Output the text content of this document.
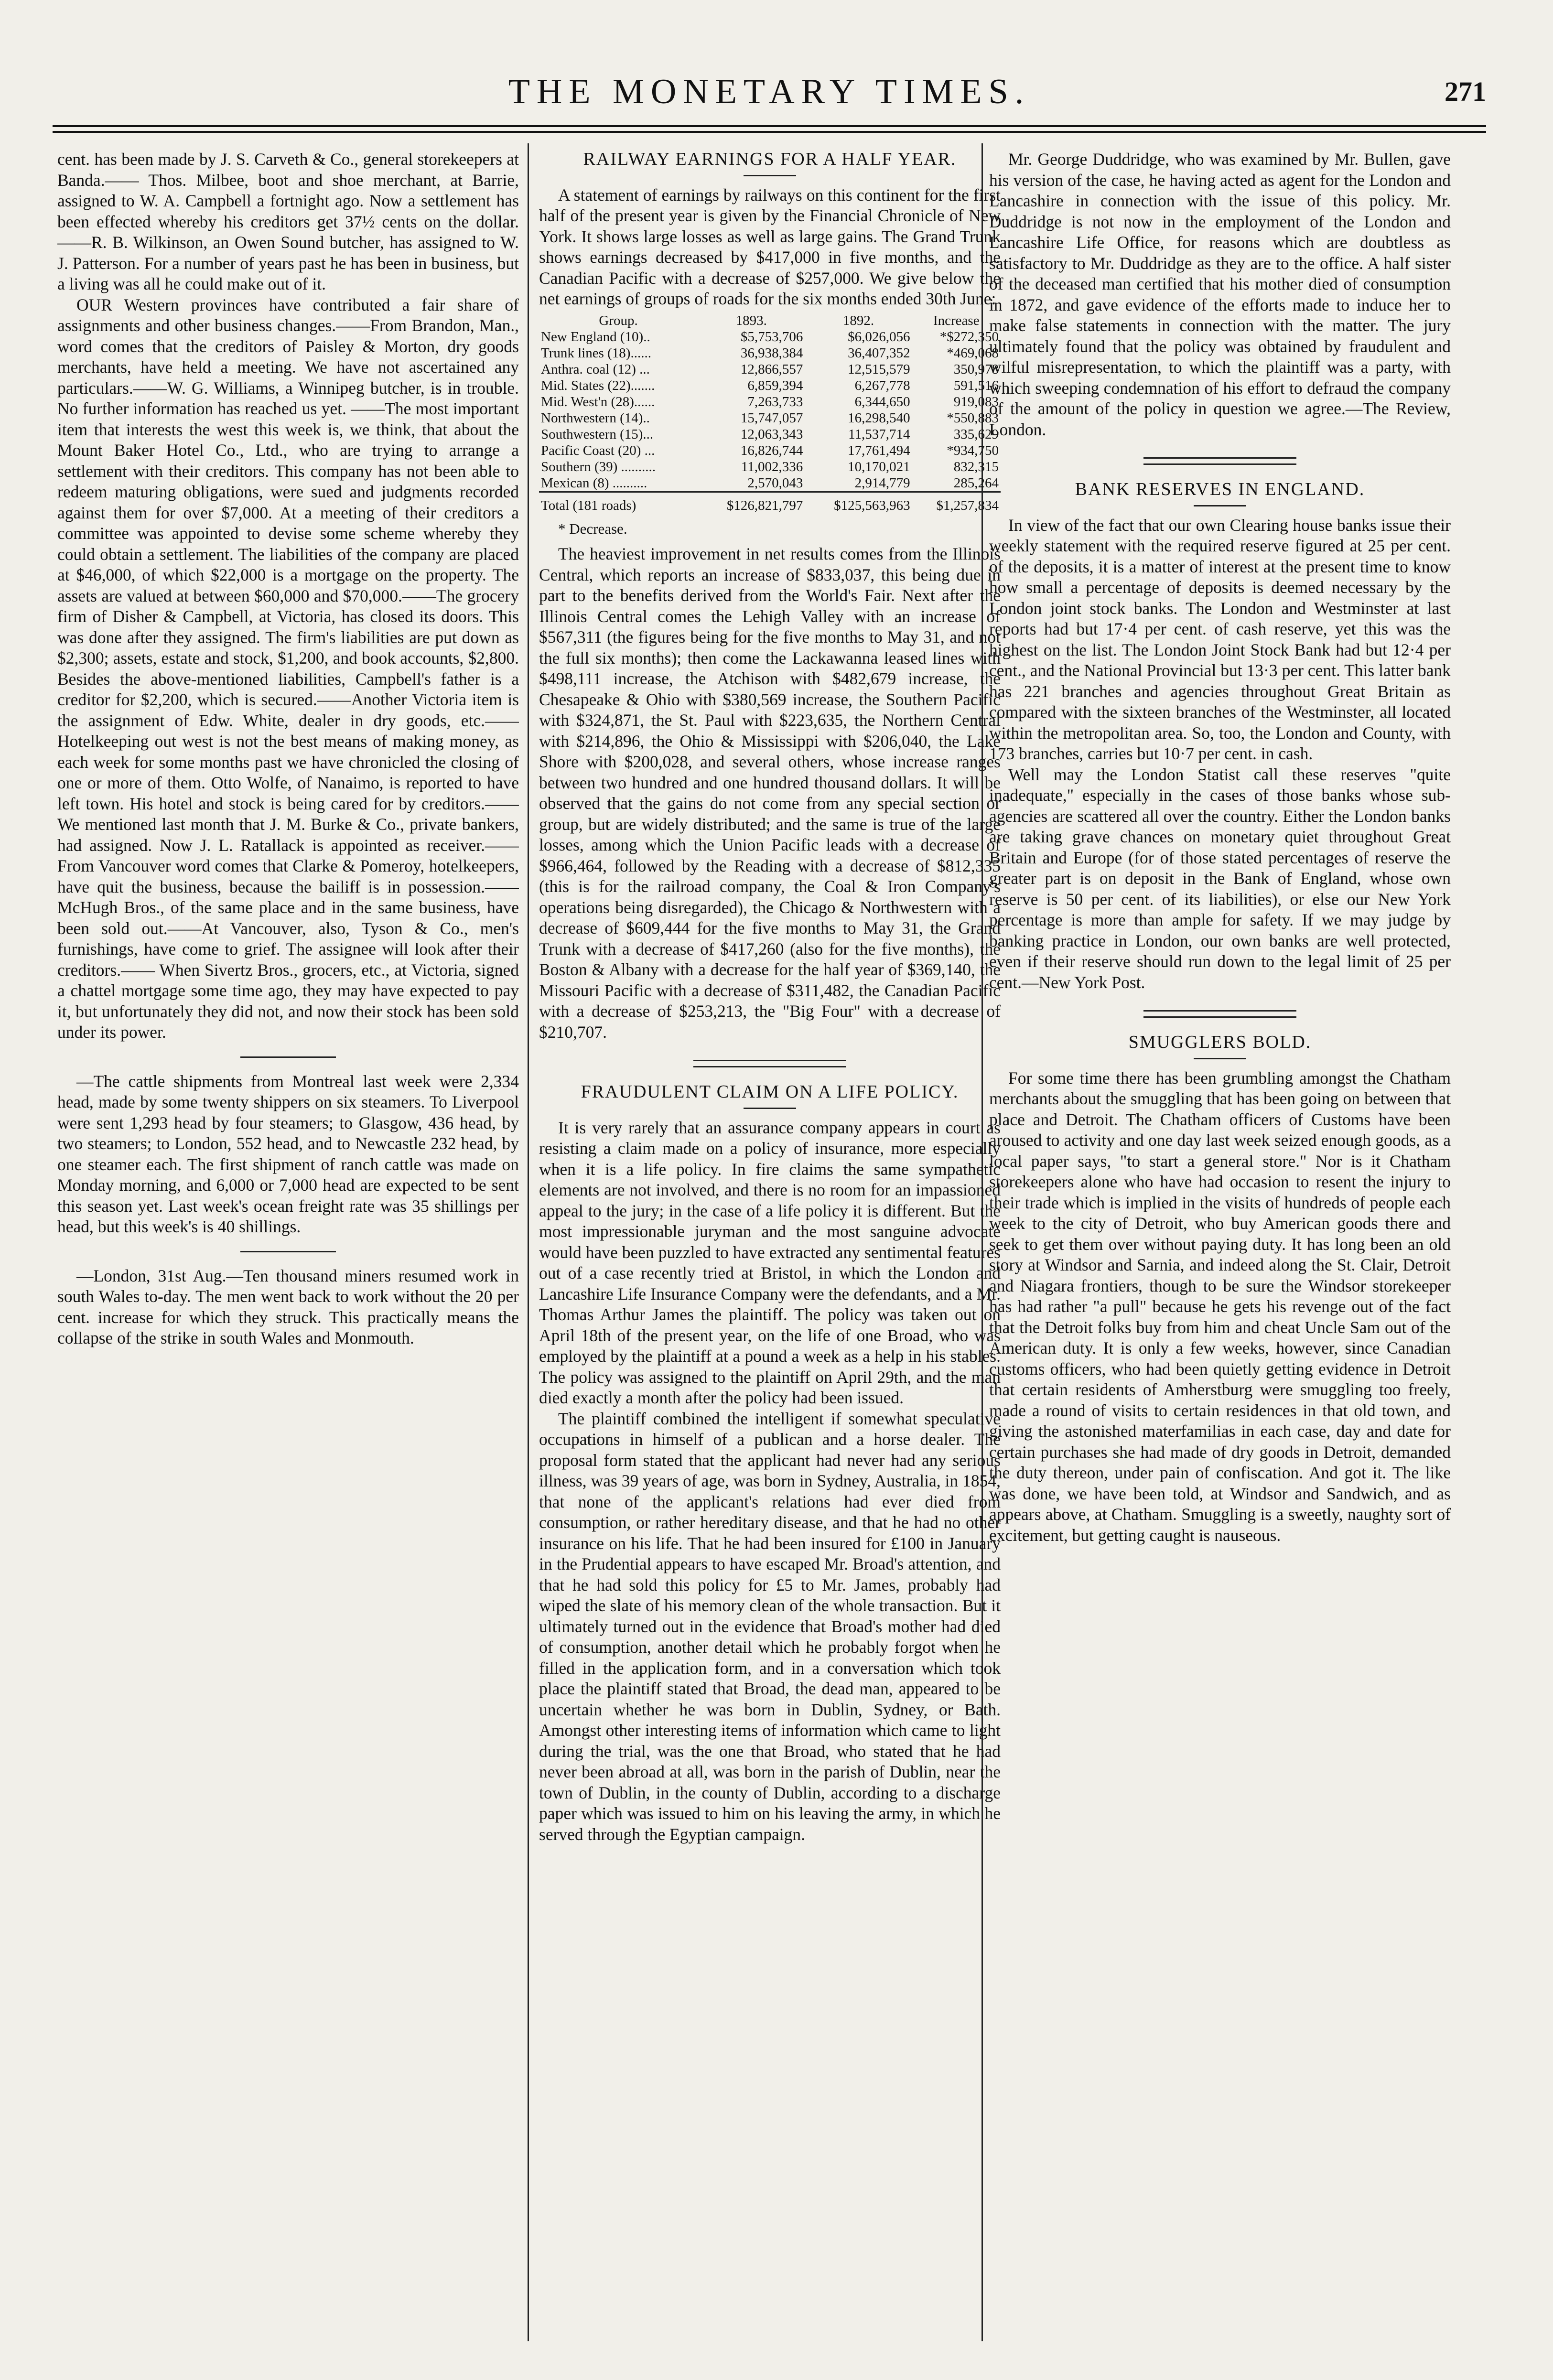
THE MONETARY TIMES.	271

cent. has been made by J. S. Carveth & Co., general storekeepers at Banda.—— Thos. Milbee, boot and shoe merchant, at Barrie, assigned to W. A. Campbell a fortnight ago. Now a settlement has been effected whereby his creditors get 37½ cents on the dollar.——R. B. Wilkinson, an Owen Sound butcher, has assigned to W. J. Patterson. For a number of years past he has been in business, but a living was all he could make out of it.

OUR Western provinces have contributed a fair share of assignments and other business changes.——From Brandon, Man., word comes that the creditors of Paisley & Morton, dry goods merchants, have held a meeting. We have not ascertained any particulars.——W. G. Williams, a Winnipeg butcher, is in trouble. No further information has reached us yet. ——The most important item that interests the west this week is, we think, that about the Mount Baker Hotel Co., Ltd., who are trying to arrange a settlement with their creditors. This company has not been able to redeem maturing obligations, were sued and judgments recorded against them for over $7,000. At a meeting of their creditors a committee was appointed to devise some scheme whereby they could obtain a settlement. The liabilities of the company are placed at $46,000, of which $22,000 is a mortgage on the property. The assets are valued at between $60,000 and $70,000.——The grocery firm of Disher & Campbell, at Victoria, has closed its doors. This was done after they assigned. The firm's liabilities are put down as $2,300; assets, estate and stock, $1,200, and book accounts, $2,800. Besides the above-mentioned liabilities, Campbell's father is a creditor for $2,200, which is secured.——Another Victoria item is the assignment of Edw. White, dealer in dry goods, etc.——Hotelkeeping out west is not the best means of making money, as each week for some months past we have chronicled the closing of one or more of them. Otto Wolfe, of Nanaimo, is reported to have left town. His hotel and stock is being cared for by creditors.——We mentioned last month that J. M. Burke & Co., private bankers, had assigned. Now J. L. Ratallack is appointed as receiver.——From Vancouver word comes that Clarke & Pomeroy, hotelkeepers, have quit the business, because the bailiff is in possession.——McHugh Bros., of the same place and in the same business, have been sold out.——At Vancouver, also, Tyson & Co., men's furnishings, have come to grief. The assignee will look after their creditors.—— When Sivertz Bros., grocers, etc., at Victoria, signed a chattel mortgage some time ago, they may have expected to pay it, but unfortunately they did not, and now their stock has been sold under its power.

—The cattle shipments from Montreal last week were 2,334 head, made by some twenty shippers on six steamers. To Liverpool were sent 1,293 head by four steamers; to Glasgow, 436 head, by two steamers; to London, 552 head, and to Newcastle 232 head, by one steamer each. The first shipment of ranch cattle was made on Monday morning, and 6,000 or 7,000 head are expected to be sent this season yet. Last week's ocean freight rate was 35 shillings per head, but this week's is 40 shillings.

—London, 31st Aug.—Ten thousand miners resumed work in south Wales to-day. The men went back to work without the 20 per cent. increase for which they struck. This practically means the collapse of the strike in south Wales and Monmouth.

RAILWAY EARNINGS FOR A HALF YEAR.

A statement of earnings by railways on this continent for the first half of the present year is given by the Financial Chronicle of New York. It shows large losses as well as large gains. The Grand Trunk shows earnings decreased by $417,000 in five months, and the Canadian Pacific with a decrease of $257,000. We give below the net earnings of groups of roads for the six months ended 30th June:

Group.	1893.	1892.	Increase
New England (10)..	$5,753,706	$6,026,056	*$272,350
Trunk lines (18)......	36,938,384	36,407,352	*469,068
Anthra. coal (12) ...	12,866,557	12,515,579	350,978
Mid. States (22).......	6,859,394	6,267,778	591,516
Mid. West'n (28)......	7,263,733	6,344,650	919,083
Northwestern (14)..	15,747,057	16,298,540	*550,883
Southwestern (15)...	12,063,343	11,537,714	335,629
Pacific Coast (20) ...	16,826,744	17,761,494	*934,750
Southern (39) ..........	11,002,336	10,170,021	832,315
Mexican (8) ..........	2,570,043	2,914,779	285,264
Total (181 roads)	$126,821,797	$125,563,963	$1,257,834
* Decrease.

The heaviest improvement in net results comes from the Illinois Central, which reports an increase of $833,037, this being due in part to the benefits derived from the World's Fair. Next after the Illinois Central comes the Lehigh Valley with an increase of $567,311 (the figures being for the five months to May 31, and not the full six months); then come the Lackawanna leased lines with $498,111 increase, the Atchison with $482,679 increase, the Chesapeake & Ohio with $380,569 increase, the Southern Pacific with $324,871, the St. Paul with $223,635, the Northern Central with $214,896, the Ohio & Mississippi with $206,040, the Lake Shore with $200,028, and several others, whose increase ranges between two hundred and one hundred thousand dollars. It will be observed that the gains do not come from any special section or group, but are widely distributed; and the same is true of the large losses, among which the Union Pacific leads with a decrease of $966,464, followed by the Reading with a decrease of $812,335 (this is for the railroad company, the Coal & Iron Company's operations being disregarded), the Chicago & Northwestern with a decrease of $609,444 for the five months to May 31, the Grand Trunk with a decrease of $417,260 (also for the five months), the Boston & Albany with a decrease for the half year of $369,140, the Missouri Pacific with a decrease of $311,482, the Canadian Pacific with a decrease of $253,213, the "Big Four" with a decrease of $210,707.

FRAUDULENT CLAIM ON A LIFE POLICY.

It is very rarely that an assurance company appears in court as resisting a claim made on a policy of insurance, more especially when it is a life policy. In fire claims the same sympathetic elements are not involved, and there is no room for an impassioned appeal to the jury; in the case of a life policy it is different. But the most impressionable juryman and the most sanguine advocate would have been puzzled to have extracted any sentimental features out of a case recently tried at Bristol, in which the London and Lancashire Life Insurance Company were the defendants, and a Mr. Thomas Arthur James the plaintiff. The policy was taken out on April 18th of the present year, on the life of one Broad, who was employed by the plaintiff at a pound a week as a help in his stables. The policy was assigned to the plaintiff on April 29th, and the man died exactly a month after the policy had been issued.

The plaintiff combined the intelligent if somewhat speculative occupations in himself of a publican and a horse dealer. The proposal form stated that the applicant had never had any serious illness, was 39 years of age, was born in Sydney, Australia, in 1854, that none of the applicant's relations had ever died from consumption, or rather hereditary disease, and that he had no other insurance on his life. That he had been insured for £100 in January in the Prudential appears to have escaped Mr. Broad's attention, and that he had sold this policy for £5 to Mr. James, probably had wiped the slate of his memory clean of the whole transaction. But it ultimately turned out in the evidence that Broad's mother had died of consumption, another detail which he probably forgot when he filled in the application form, and in a conversation which took place the plaintiff stated that Broad, the dead man, appeared to be uncertain whether he was born in Dublin, Sydney, or Bath. Amongst other interesting items of information which came to light during the trial, was the one that Broad, who stated that he had never been abroad at all, was born in the parish of Dublin, near the town of Dublin, in the county of Dublin, according to a discharge paper which was issued to him on his leaving the army, in which he served through the Egyptian campaign.

Mr. George Duddridge, who was examined by Mr. Bullen, gave his version of the case, he having acted as agent for the London and Lancashire in connection with the issue of this policy. Mr. Duddridge is not now in the employment of the London and Lancashire Life Office, for reasons which are doubtless as satisfactory to Mr. Duddridge as they are to the office. A half sister of the deceased man certified that his mother died of consumption in 1872, and gave evidence of the efforts made to induce her to make false statements in connection with the matter. The jury ultimately found that the policy was obtained by fraudulent and wilful misrepresentation, to which the plaintiff was a party, with which sweeping condemnation of his effort to defraud the company of the amount of the policy in question we agree.—The Review, London.

BANK RESERVES IN ENGLAND.

In view of the fact that our own Clearing house banks issue their weekly statement with the required reserve figured at 25 per cent. of the deposits, it is a matter of interest at the present time to know how small a percentage of deposits is deemed necessary by the London joint stock banks. The London and Westminster at last reports had but 17·4 per cent. of cash reserve, yet this was the highest on the list. The London Joint Stock Bank had but 12·4 per cent., and the National Provincial but 13·3 per cent. This latter bank has 221 branches and agencies throughout Great Britain as compared with the sixteen branches of the Westminster, all located within the metropolitan area. So, too, the London and County, with 173 branches, carries but 10·7 per cent. in cash.

Well may the London Statist call these reserves "quite inadequate," especially in the cases of those banks whose sub-agencies are scattered all over the country. Either the London banks are taking grave chances on monetary quiet throughout Great Britain and Europe (for of those stated percentages of reserve the greater part is on deposit in the Bank of England, whose own reserve is 50 per cent. of its liabilities), or else our New York percentage is more than ample for safety. If we may judge by banking practice in London, our own banks are well protected, even if their reserve should run down to the legal limit of 25 per cent.—New York Post.

SMUGGLERS BOLD.

For some time there has been grumbling amongst the Chatham merchants about the smuggling that has been going on between that place and Detroit. The Chatham officers of Customs have been aroused to activity and one day last week seized enough goods, as a local paper says, "to start a general store." Nor is it Chatham storekeepers alone who have had occasion to resent the injury to their trade which is implied in the visits of hundreds of people each week to the city of Detroit, who buy American goods there and seek to get them over without paying duty. It has long been an old story at Windsor and Sarnia, and indeed along the St. Clair, Detroit and Niagara frontiers, though to be sure the Windsor storekeeper has had rather "a pull" because he gets his revenge out of the fact that the Detroit folks buy from him and cheat Uncle Sam out of the American duty. It is only a few weeks, however, since Canadian customs officers, who had been quietly getting evidence in Detroit that certain residents of Amherstburg were smuggling too freely, made a round of visits to certain residences in that old town, and giving the astonished materfamilias in each case, day and date for certain purchases she had made of dry goods in Detroit, demanded the duty thereon, under pain of confiscation. And got it. The like was done, we have been told, at Windsor and Sandwich, and as appears above, at Chatham. Smuggling is a sweetly, naughty sort of excitement, but getting caught is nauseous.
